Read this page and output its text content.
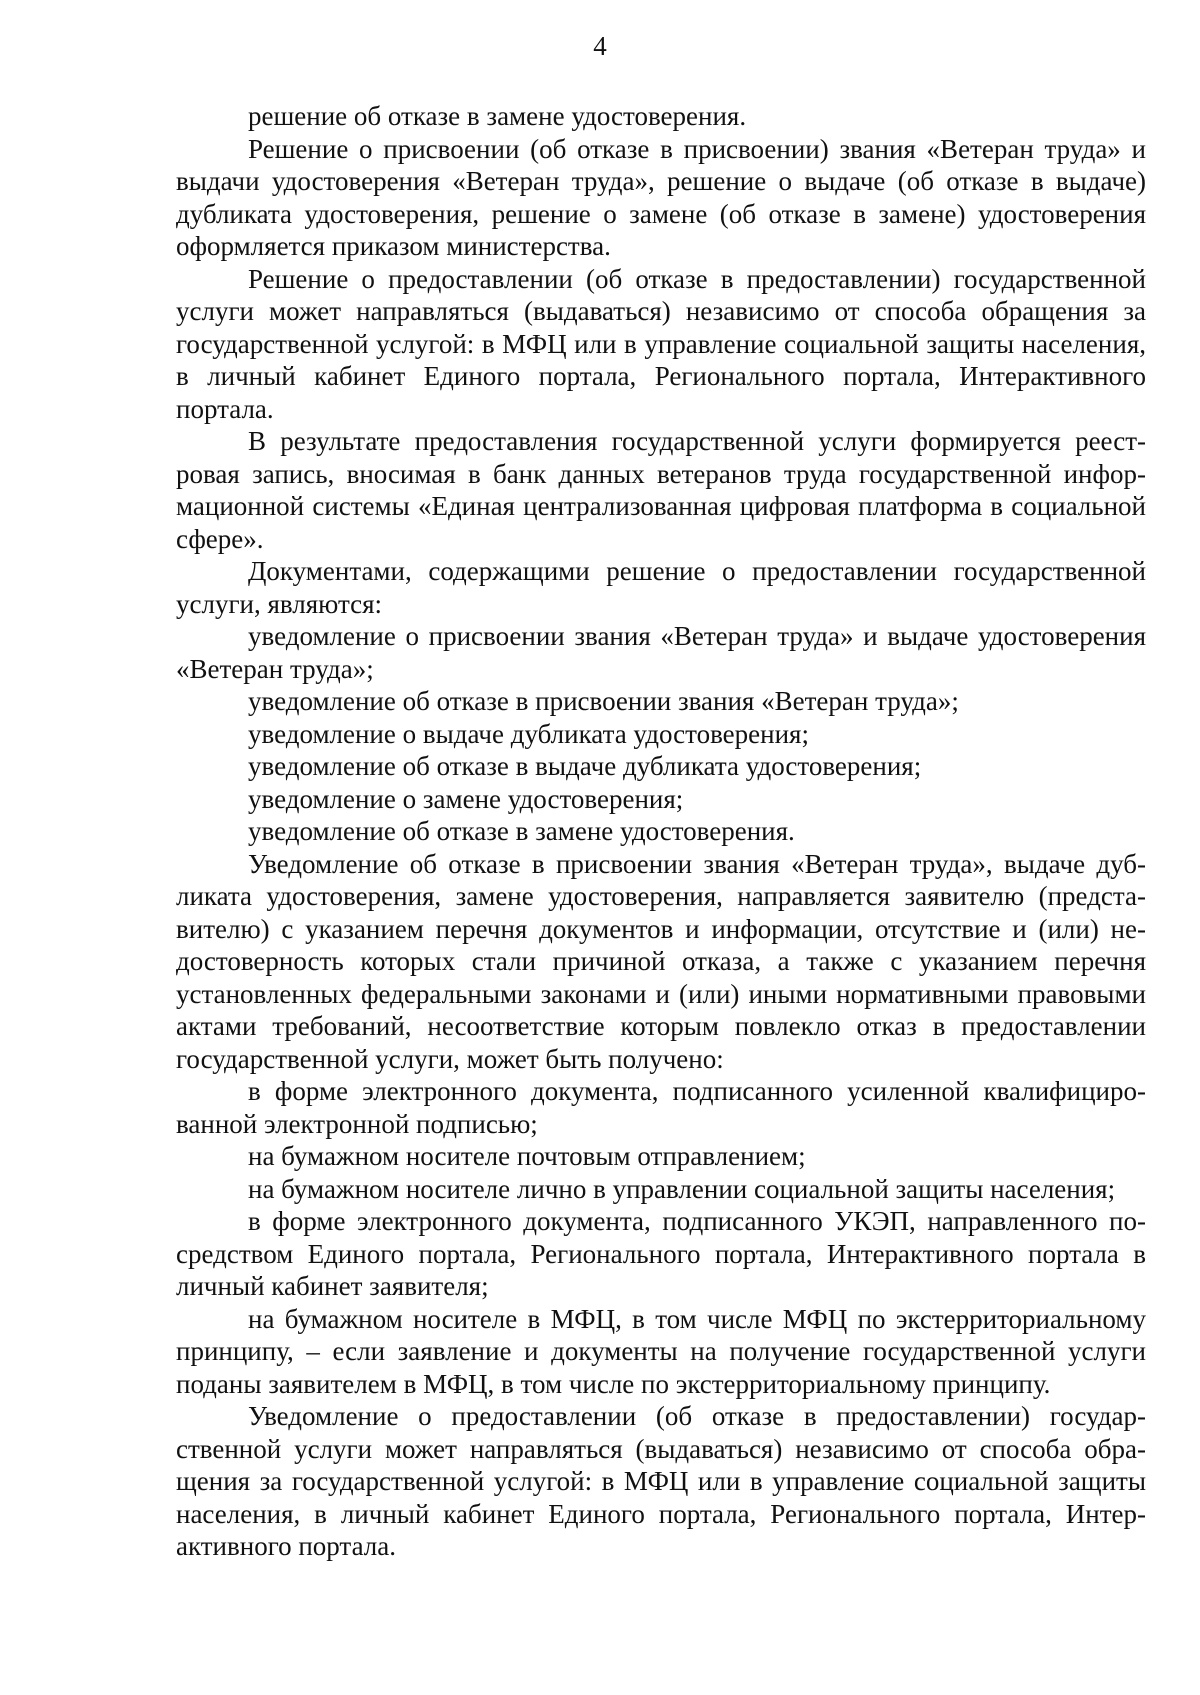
4

решение об отказе в замене удостоверения.

Решение о присвоении (об отказе в присвоении) звания «Ветеран труда» и выдачи удостоверения «Ветеран труда», решение о выдаче (об отказе в выдаче) дубликата удостоверения, решение о замене (об отказе в замене) удостоверения оформляется приказом министерства.

Решение о предоставлении (об отказе в предоставлении) государственной услуги может направляться (выдаваться) независимо от способа обращения за государственной услугой: в МФЦ или в управление социальной защиты населения, в личный кабинет Единого портала, Регионального портала, Интерактивного портала.

В результате предоставления государственной услуги формируется реестровая запись, вносимая в банк данных ветеранов труда государственной информационной системы «Единая централизованная цифровая платформа в социальной сфере».

Документами, содержащими решение о предоставлении государственной услуги, являются:

уведомление о присвоении звания «Ветеран труда» и выдаче удостоверения «Ветеран труда»;

уведомление об отказе в присвоении звания «Ветеран труда»;

уведомление о выдаче дубликата удостоверения;

уведомление об отказе в выдаче дубликата удостоверения;

уведомление о замене удостоверения;

уведомление об отказе в замене удостоверения.

Уведомление об отказе в присвоении звания «Ветеран труда», выдаче дубликата удостоверения, замене удостоверения, направляется заявителю (представителю) с указанием перечня документов и информации, отсутствие и (или) недостоверность которых стали причиной отказа, а также с указанием перечня установленных федеральными законами и (или) иными нормативными правовыми актами требований, несоответствие которым повлекло отказ в предоставлении государственной услуги, может быть получено:

в форме электронного документа, подписанного усиленной квалифицированной электронной подписью;

на бумажном носителе почтовым отправлением;

на бумажном носителе лично в управлении социальной защиты населения;

в форме электронного документа, подписанного УКЭП, направленного посредством Единого портала, Регионального портала, Интерактивного портала в личный кабинет заявителя;

на бумажном носителе в МФЦ, в том числе МФЦ по экстерриториальному принципу, – если заявление и документы на получение государственной услуги поданы заявителем в МФЦ, в том числе по экстерриториальному принципу.

Уведомление о предоставлении (об отказе в предоставлении) государственной услуги может направляться (выдаваться) независимо от способа обращения за государственной услугой: в МФЦ или в управление социальной защиты населения, в личный кабинет Единого портала, Регионального портала, Интерактивного портала.
